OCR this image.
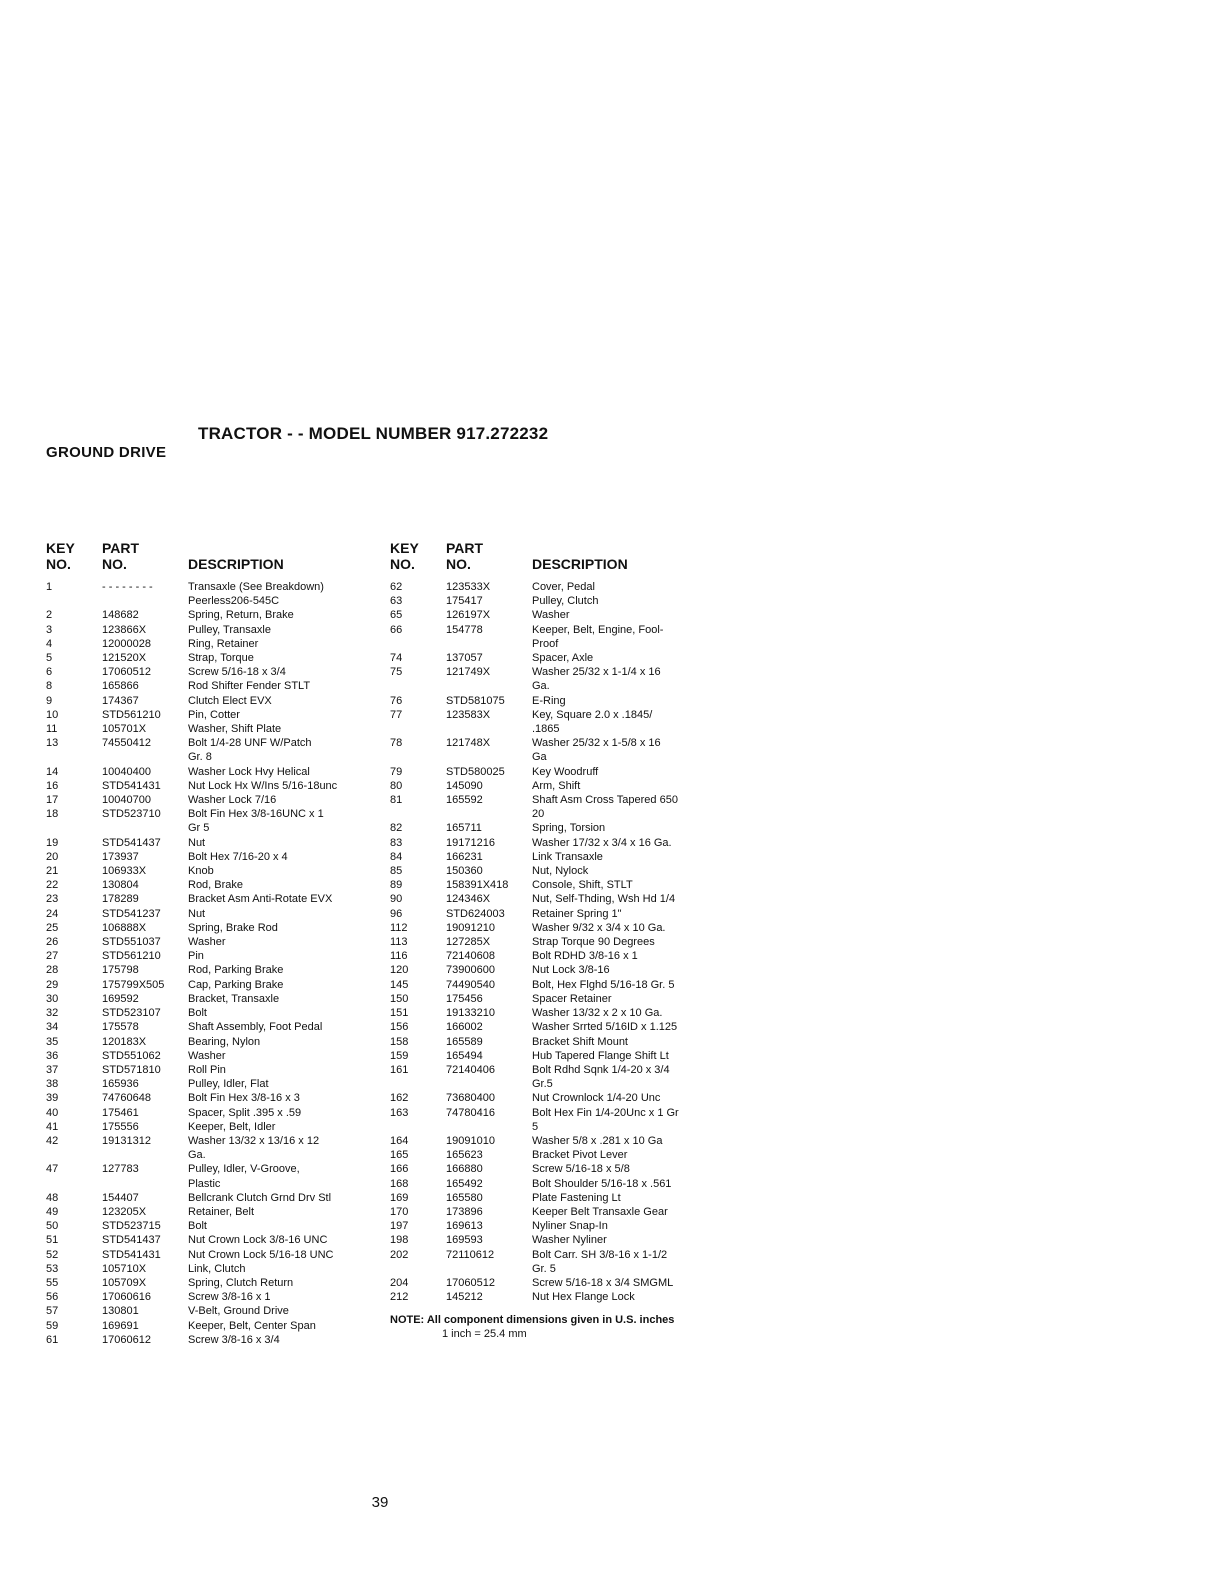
TRACTOR - - MODEL NUMBER 917.272232
GROUND DRIVE
KEY
NO.
PART
NO.	DESCRIPTION
1	- - - - - - - -	Transaxle (See Breakdown)
Peerless206-545C
2	148682	Spring, Return, Brake
3	123866X	Pulley, Transaxle
4	12000028	Ring, Retainer
5	121520X	Strap, Torque
6	17060512	Screw 5/16-18 x 3/4
8	165866	Rod Shifter Fender STLT
9	174367	Clutch Elect EVX
10	STD561210 Pin, Cotter
11	105701X	Washer, Shift Plate
13	74550412	Bolt 1/4-28 UNF W/Patch
Gr. 8
14	10040400	Washer Lock Hvy Helical
16	STD541431 Nut Lock Hx W/Ins 5/16-18unc
17	10040700	Washer Lock 7/16
18	STD523710 Bolt Fin Hex 3/8-16UNC x 1
Gr 5
19	STD541437 Nut
20	173937	Bolt Hex 7/16-20 x 4
21	106933X	Knob
22	130804	Rod, Brake
23	178289	Bracket Asm Anti-Rotate EVX
24	STD541237 Nut
25	106888X	Spring, Brake Rod
26	STD551037 Washer
27	STD561210 Pin
28	175798	Rod, Parking Brake
29	175799X505 Cap, Parking Brake
30	169592	Bracket, Transaxle
32	STD523107 Bolt
34	175578	Shaft Assembly, Foot Pedal
35	120183X	Bearing, Nylon
36	STD551062 Washer
37	STD571810 Roll Pin
38	165936	Pulley, Idler, Flat
39	74760648	Bolt Fin Hex 3/8-16 x 3
40	175461	Spacer, Split .395 x .59
41	175556	Keeper, Belt, Idler
42	19131312	Washer 13/32 x 13/16 x 12
Ga.
47	127783	Pulley, Idler, V-Groove,
Plastic
48	154407	Bellcrank Clutch Grnd Drv Stl
49	123205X	Retainer, Belt
50	STD523715 Bolt
51	STD541437 Nut Crown Lock 3/8-16 UNC
52	STD541431 Nut Crown Lock 5/16-18 UNC
53	105710X	Link, Clutch
55	105709X	Spring, Clutch Return
56	17060616	Screw 3/8-16 x 1
57	130801	V-Belt, Ground Drive
59	169691	Keeper, Belt, Center Span
61	17060612	Screw 3/8-16 x 3/4
KEY
NO.
PART
NO.	DESCRIPTION
62	123533X	Cover, Pedal
63	175417	Pulley, Clutch
65	126197X	Washer
66	154778	Keeper, Belt, Engine, Fool-
Proof
74	137057	Spacer, Axle
75	121749X	Washer 25/32 x 1-1/4 x 16
Ga.
76	STD581075 E-Ring
77	123583X	Key, Square 2.0 x .1845/
.1865
78	121748X	Washer 25/32 x 1-5/8 x 16
Ga
79	STD580025 Key Woodruff
80	145090	Arm, Shift
81	165592	Shaft Asm Cross Tapered 650
20
82	165711	Spring, Torsion
83	19171216	Washer 17/32 x 3/4 x 16 Ga.
84	166231	Link Transaxle
85	150360	Nut, Nylock
89	158391X418 Console, Shift, STLT
90	124346X	Nut, Self-Thding, Wsh Hd 1/4
96	STD624003 Retainer Spring 1"
112	19091210	Washer 9/32 x 3/4 x 10 Ga.
113	127285X	Strap Torque 90 Degrees
116	72140608	Bolt RDHD 3/8-16 x 1
120	73900600	Nut Lock 3/8-16
145	74490540	Bolt, Hex Flghd 5/16-18 Gr. 5
150	175456	Spacer Retainer
151	19133210	Washer 13/32 x 2 x 10 Ga.
156	166002	Washer Srrted 5/16ID x 1.125
158	165589	Bracket Shift Mount
159	165494	Hub Tapered Flange Shift Lt
161	72140406	Bolt Rdhd Sqnk 1/4-20 x 3/4
Gr.5
162	73680400	Nut Crownlock 1/4-20 Unc
163	74780416	Bolt Hex Fin 1/4-20Unc x 1 Gr
5
164	19091010	Washer 5/8 x .281 x 10 Ga
165	165623	Bracket Pivot Lever
166	166880	Screw 5/16-18 x 5/8
168	165492	Bolt Shoulder 5/16-18 x .561
169	165580	Plate Fastening Lt
170	173896	Keeper Belt Transaxle Gear
197	169613	Nyliner Snap-In
198	169593	Washer Nyliner
202	72110612	Bolt Carr. SH 3/8-16 x 1-1/2
Gr. 5
204	17060512	Screw 5/16-18 x 3/4 SMGML
212	145212	Nut Hex Flange Lock
NOTE: All component dimensions given in U.S. inches
1 inch = 25.4 mm
39
